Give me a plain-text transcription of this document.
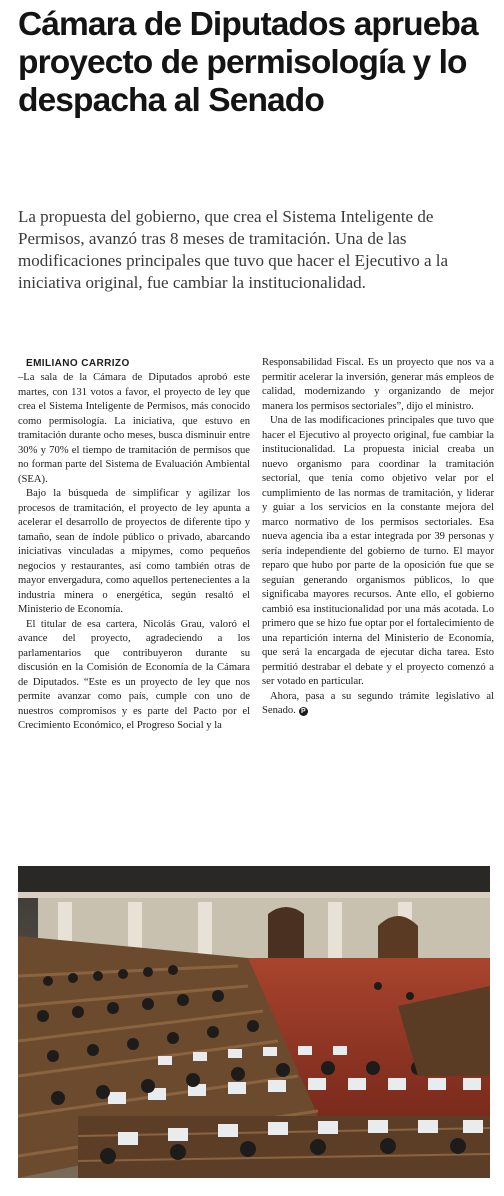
Cámara de Diputados aprueba proyecto de permisología y lo despacha al Senado

La propuesta del gobierno, que crea el Sistema Inteligente de Permisos, avanzó tras 8 meses de tramitación. Una de las modificaciones principales que tuvo que hacer el Ejecutivo a la iniciativa original, fue cambiar la institucionalidad.

EMILIANO CARRIZO

–La sala de la Cámara de Diputados aprobó este martes, con 131 votos a favor, el proyecto de ley que crea el Sistema Inteligente de Permisos, más conocido como permisología. La iniciativa, que estuvo en tramitación durante ocho meses, busca disminuir entre 30% y 70% el tiempo de tramitación de permisos que no forman parte del Sistema de Evaluación Ambiental (SEA).

Bajo la búsqueda de simplificar y agilizar los procesos de tramitación, el proyecto de ley apunta a acelerar el desarrollo de proyectos de diferente tipo y tamaño, sean de índole público o privado, abarcando iniciativas vinculadas a mipymes, como pequeños negocios y restaurantes, así como también otras de mayor envergadura, como aquellos pertenecientes a la industria minera o energética, según resaltó el Ministerio de Economía.

El titular de esa cartera, Nicolás Grau, valoró el avance del proyecto, agradeciendo a los parlamentarios que contribuyeron durante su discusión en la Comisión de Economía de la Cámara de Diputados. “Este es un proyecto de ley que nos permite avanzar como país, cumple con uno de nuestros compromisos y es parte del Pacto por el Crecimiento Económico, el Progreso Social y la

Responsabilidad Fiscal. Es un proyecto que nos va a permitir acelerar la inversión, generar más empleos de calidad, modernizando y organizando de mejor manera los permisos sectoriales”, dijo el ministro.

Una de las modificaciones principales que tuvo que hacer el Ejecutivo al proyecto original, fue cambiar la institucionalidad. La propuesta inicial creaba un nuevo organismo para coordinar la tramitación sectorial, que tenía como objetivo velar por el cumplimiento de las normas de tramitación, y liderar y guiar a los servicios en la constante mejora del marco normativo de los permisos sectoriales. Esa nueva agencia iba a estar integrada por 39 personas y sería independiente del gobierno de turno. El mayor reparo que hubo por parte de la oposición fue que se seguían generando organismos públicos, lo que significaba mayores recursos. Ante ello, el gobierno cambió esa institucionalidad por una más acotada. Lo primero que se hizo fue optar por el fortalecimiento de una repartición interna del Ministerio de Economía, que será la encargada de ejecutar dicha tarea. Esto permitió destrabar el debate y el proyecto comenzó a ser votado en particular.

Ahora, pasa a su segundo trámite legislativo al Senado. P
